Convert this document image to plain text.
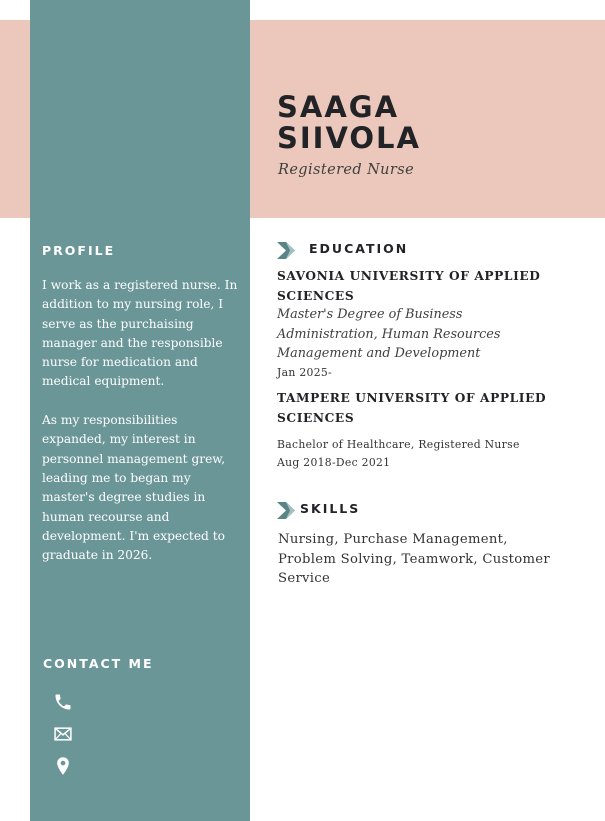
SAAGA
SIIVOLA
Registered Nurse
PROFILE

I work as a registered nurse. In addition to my nursing role, I serve as the purchaising manager and the responsible nurse for medication and medical equipment.

As my responsibilities expanded, my interest in personnel management grew, leading me to began my master's degree studies in human recourse and development. I'm expected to graduate in 2026.

CONTACT ME
EDUCATION
SAVONIA UNIVERSITY OF APPLIED SCIENCES
Master's Degree of Business Administration, Human Resources Management and Development
Jan 2025-
TAMPERE UNIVERSITY OF APPLIED SCIENCES
Bachelor of Healthcare, Registered Nurse
Aug 2018-Dec 2021
SKILLS
Nursing, Purchase Management, Problem Solving, Teamwork, Customer Service
